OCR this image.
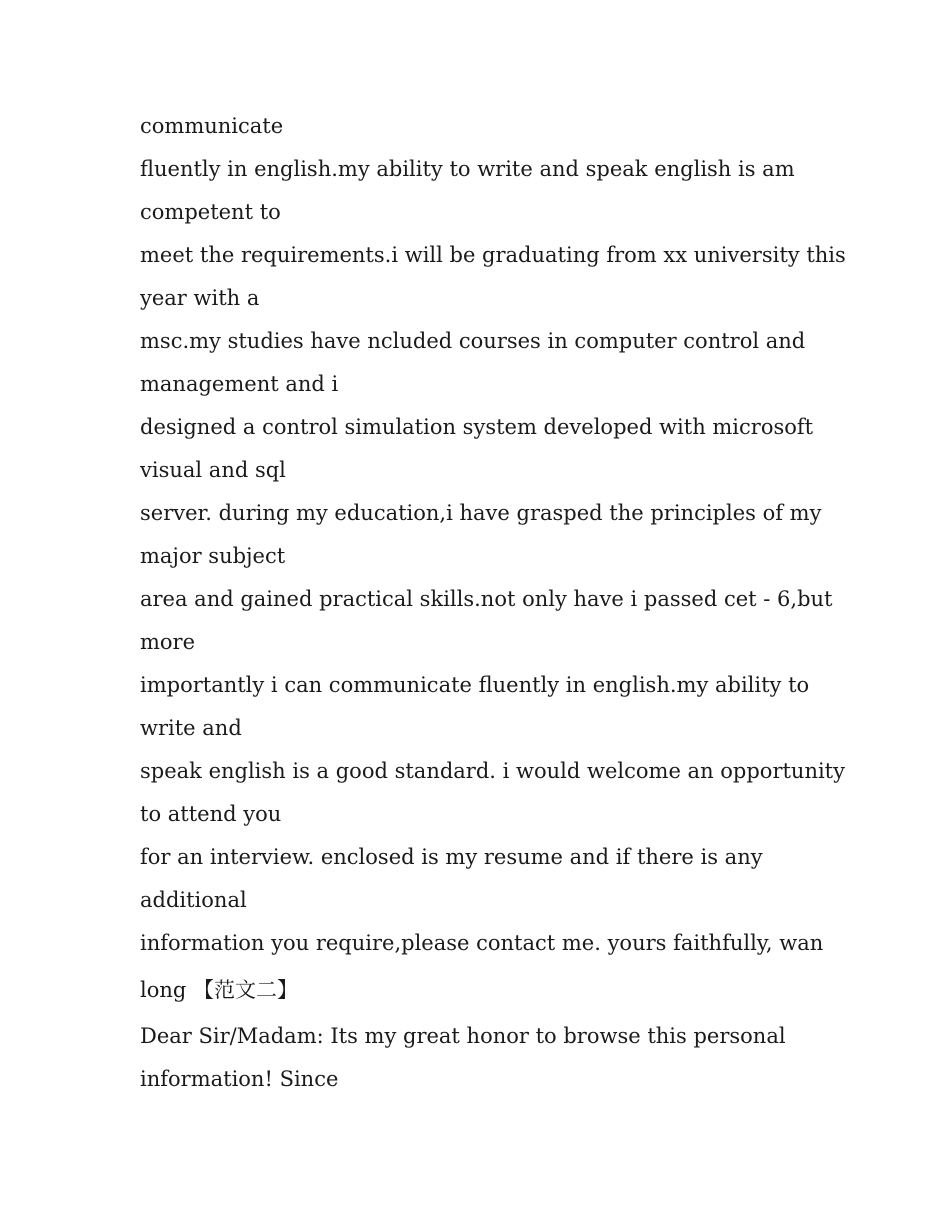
communicate
fluently in english.my ability to write and speak english is am
competent to
meet the requirements.i will be graduating from xx university this
year with a
msc.my studies have ncluded courses in computer control and
management and i
designed a control simulation system developed with microsoft
visual and sql
server. during my education,i have grasped the principles of my
major subject
area and gained practical skills.not only have i passed cet - 6,but
more
importantly i can communicate fluently in english.my ability to
write and
speak english is a good standard. i would welcome an opportunity
to attend you
for an interview. enclosed is my resume and if there is any
additional
information you require,please contact me. yours faithfully, wan
long 【范文二】
Dear Sir/Madam: Its my great honor to browse this personal
information! Since
